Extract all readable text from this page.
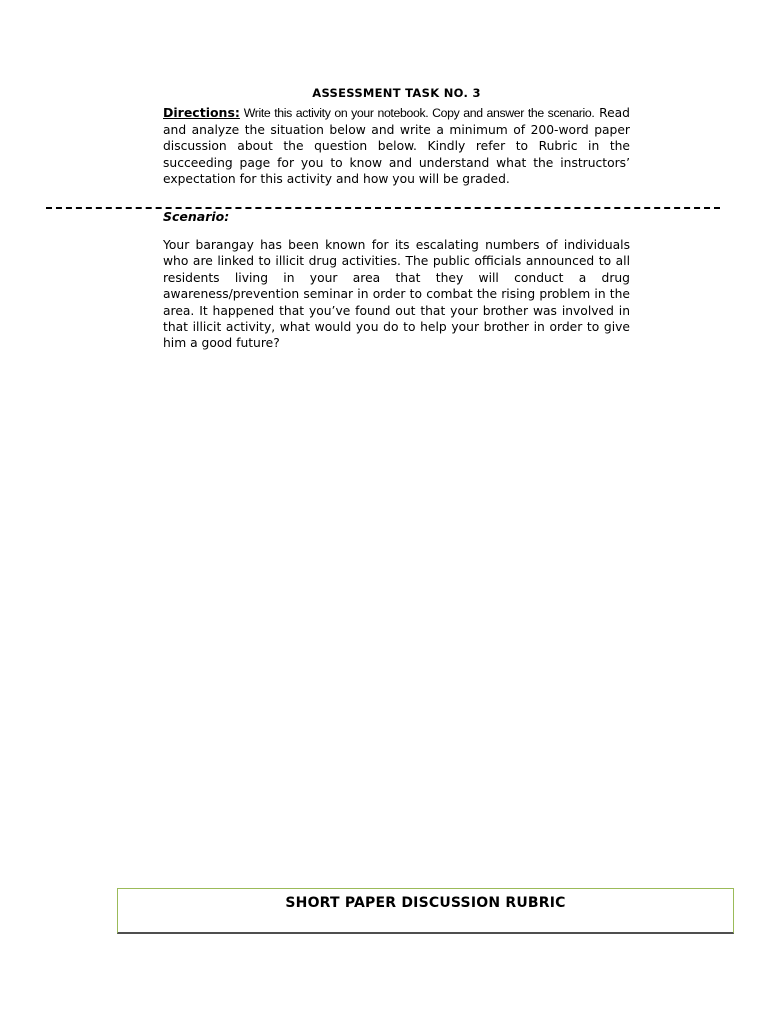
ASSESSMENT TASK NO. 3
Directions: Write this activity on your notebook. Copy and answer the scenario. Read and analyze the situation below and write a minimum of 200-word paper discussion about the question below. Kindly refer to Rubric in the succeeding page for you to know and understand what the instructors’ expectation for this activity and how you will be graded.
Scenario:
Your barangay has been known for its escalating numbers of individuals who are linked to illicit drug activities. The public officials announced to all residents living in your area that they will conduct a drug awareness/prevention seminar in order to combat the rising problem in the area. It happened that you’ve found out that your brother was involved in that illicit activity, what would you do to help your brother in order to give him a good future?
SHORT PAPER DISCUSSION RUBRIC
